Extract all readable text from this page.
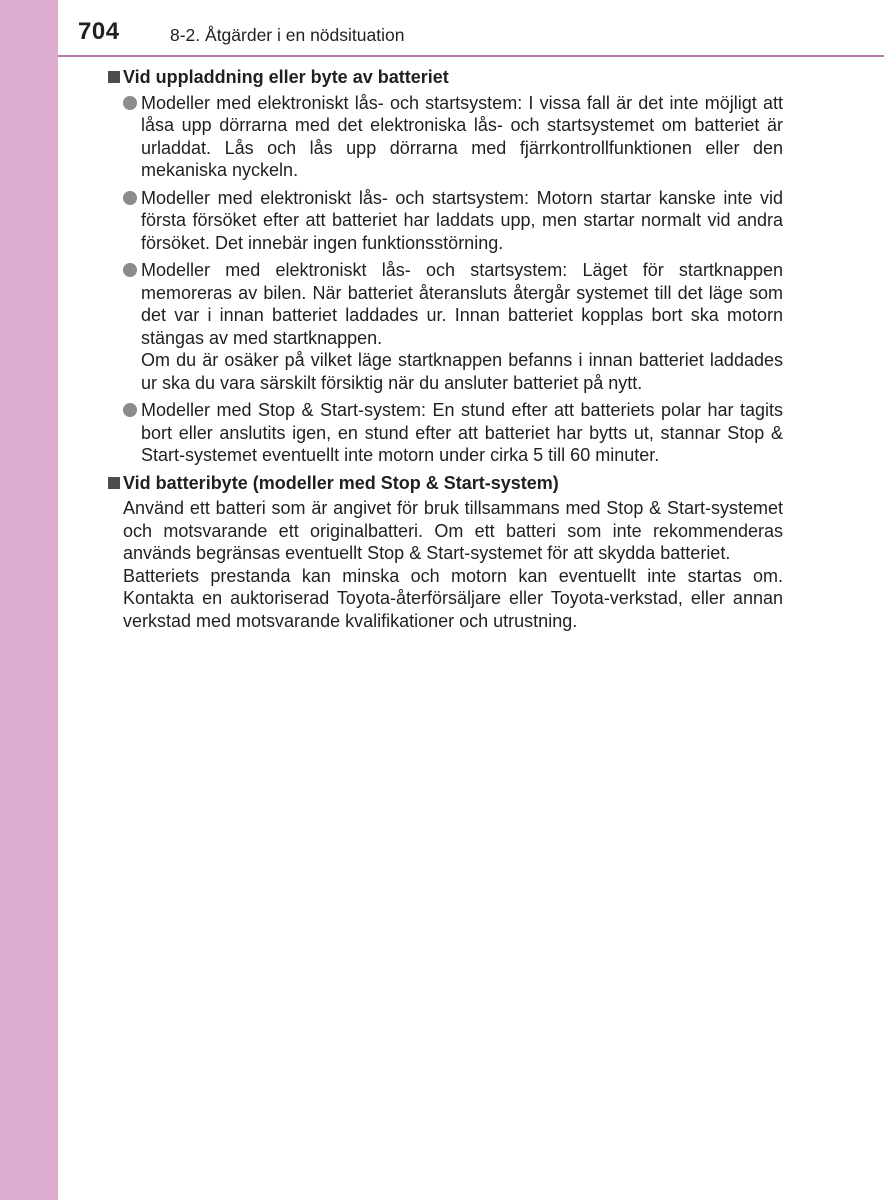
704	8-2. Åtgärder i en nödsituation
Vid uppladdning eller byte av batteriet
Modeller med elektroniskt lås- och startsystem: I vissa fall är det inte möjligt att låsa upp dörrarna med det elektroniska lås- och startsystemet om batteriet är urladdat. Lås och lås upp dörrarna med fjärrkontrollfunktionen eller den mekaniska nyckeln.
Modeller med elektroniskt lås- och startsystem: Motorn startar kanske inte vid första försöket efter att batteriet har laddats upp, men startar normalt vid andra försöket. Det innebär ingen funktionsstörning.
Modeller med elektroniskt lås- och startsystem: Läget för startknappen memoreras av bilen. När batteriet återansluts återgår systemet till det läge som det var i innan batteriet laddades ur. Innan batteriet kopplas bort ska motorn stängas av med startknappen.
Om du är osäker på vilket läge startknappen befanns i innan batteriet laddades ur ska du vara särskilt försiktig när du ansluter batteriet på nytt.
Modeller med Stop & Start-system: En stund efter att batteriets polar har tagits bort eller anslutits igen, en stund efter att batteriet har bytts ut, stannar Stop & Start-systemet eventuellt inte motorn under cirka 5 till 60 minuter.
Vid batteribyte (modeller med Stop & Start-system)
Använd ett batteri som är angivet för bruk tillsammans med Stop & Start-systemet och motsvarande ett originalbatteri. Om ett batteri som inte rekommenderas används begränsas eventuellt Stop & Start-systemet för att skydda batteriet.
Batteriets prestanda kan minska och motorn kan eventuellt inte startas om. Kontakta en auktoriserad Toyota-återförsäljare eller Toyota-verkstad, eller annan verkstad med motsvarande kvalifikationer och utrustning.
